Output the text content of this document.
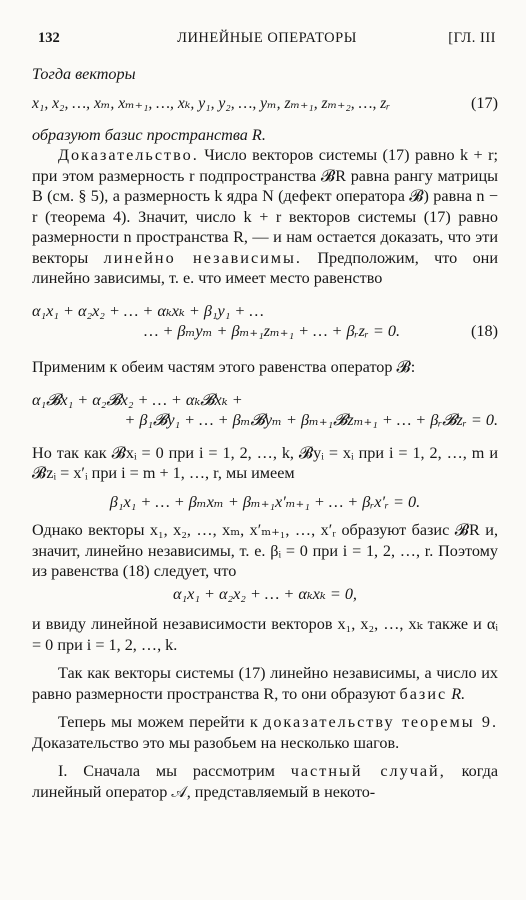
132	ЛИНЕЙНЫЕ ОПЕРАТОРЫ	[ГЛ. III

Тогда векторы

x₁, x₂, …, xₘ, xₘ₊₁, …, xₖ, y₁, y₂, …, yₘ, zₘ₊₁, zₘ₊₂, …, zᵣ	(17)

образуют базис пространства R.

Доказательство. Число векторов системы (17) равно k + r; при этом размерность r подпространства 𝓑R равна рангу матрицы B (см. § 5), а размерность k ядра N (дефект оператора 𝓑) равна n − r (теорема 4). Значит, число k + r векторов системы (17) равно размерности n пространства R, — и нам остается доказать, что эти векторы линейно независимы. Предположим, что они линейно зависимы, т. е. что имеет место равенство

α₁x₁ + α₂x₂ + … + αₖxₖ + β₁y₁ + …
… + βₘyₘ + βₘ₊₁zₘ₊₁ + … + βᵣzᵣ = 0.	(18)

Применим к обеим частям этого равенства оператор 𝓑:

α₁𝓑x₁ + α₂𝓑x₂ + … + αₖ𝓑xₖ +
+ β₁𝓑y₁ + … + βₘ𝓑yₘ + βₘ₊₁𝓑zₘ₊₁ + … + βᵣ𝓑zᵣ = 0.

Но так как 𝓑xᵢ = 0 при i = 1, 2, …, k, 𝓑yᵢ = xᵢ при i = 1, 2, …, m и 𝓑zᵢ = x′ᵢ при i = m + 1, …, r, мы имеем

β₁x₁ + … + βₘxₘ + βₘ₊₁x′ₘ₊₁ + … + βᵣx′ᵣ = 0.

Однако векторы x₁, x₂, …, xₘ, x′ₘ₊₁, …, x′ᵣ образуют базис 𝓑R и, значит, линейно независимы, т. е. βᵢ = 0 при i = 1, 2, …, r. Поэтому из равенства (18) следует, что

α₁x₁ + α₂x₂ + … + αₖxₖ = 0,

и ввиду линейной независимости векторов x₁, x₂, …, xₖ также и αᵢ = 0 при i = 1, 2, …, k.

Так как векторы системы (17) линейно независимы, а число их равно размерности пространства R, то они образуют базис R.

Теперь мы можем перейти к доказательству теоремы 9. Доказательство это мы разобьем на несколько шагов.

I. Сначала мы рассмотрим частный случай, когда линейный оператор 𝒜, представляемый в некото-
